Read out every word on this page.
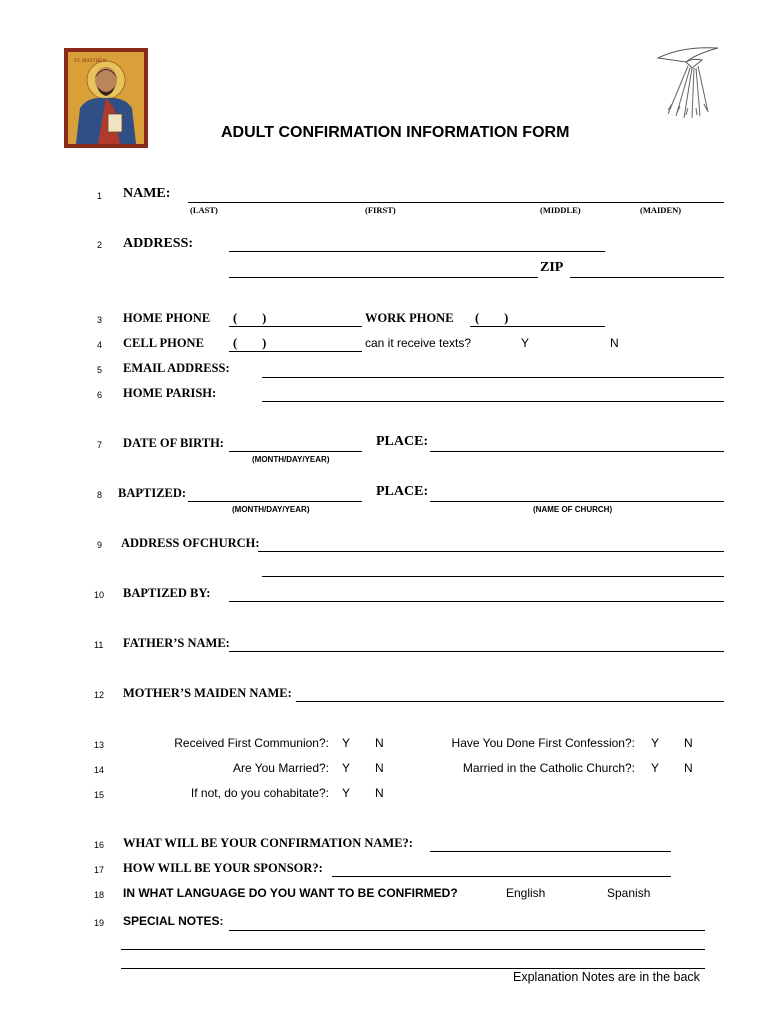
ST. MATTHEW
ADULT CONFIRMATION INFORMATION FORM
1 NAME:
(LAST)	(FIRST)	(MIDDLE)	(MAIDEN)
2 ADDRESS:
ZIP
3 HOME PHONE (        )	WORK PHONE (        )
4 CELL PHONE (        )	can it receive texts?	Y	N
5 EMAIL ADDRESS:
6 HOME PARISH:
7 DATE OF BIRTH:
(MONTH/DAY/YEAR)
PLACE:
8 BAPTIZED:
(MONTH/DAY/YEAR)
PLACE:
(NAME OF CHURCH)
9 ADDRESS OFCHURCH:
10 BAPTIZED BY:
11 FATHER’S NAME:
12 MOTHER’S MAIDEN NAME:
13	Received First Communion?: Y N	Have You Done First Confession?: Y N
14	Are You Married?: Y N	Married in the Catholic Church?: Y N
15	If not, do you cohabitate?: Y N
16 WHAT WILL BE YOUR CONFIRMATION NAME?:
17 HOW WILL BE YOUR SPONSOR?:
18 IN WHAT LANGUAGE DO YOU WANT TO BE CONFIRMED?	English	Spanish
19 SPECIAL NOTES:
Explanation Notes are in the back
